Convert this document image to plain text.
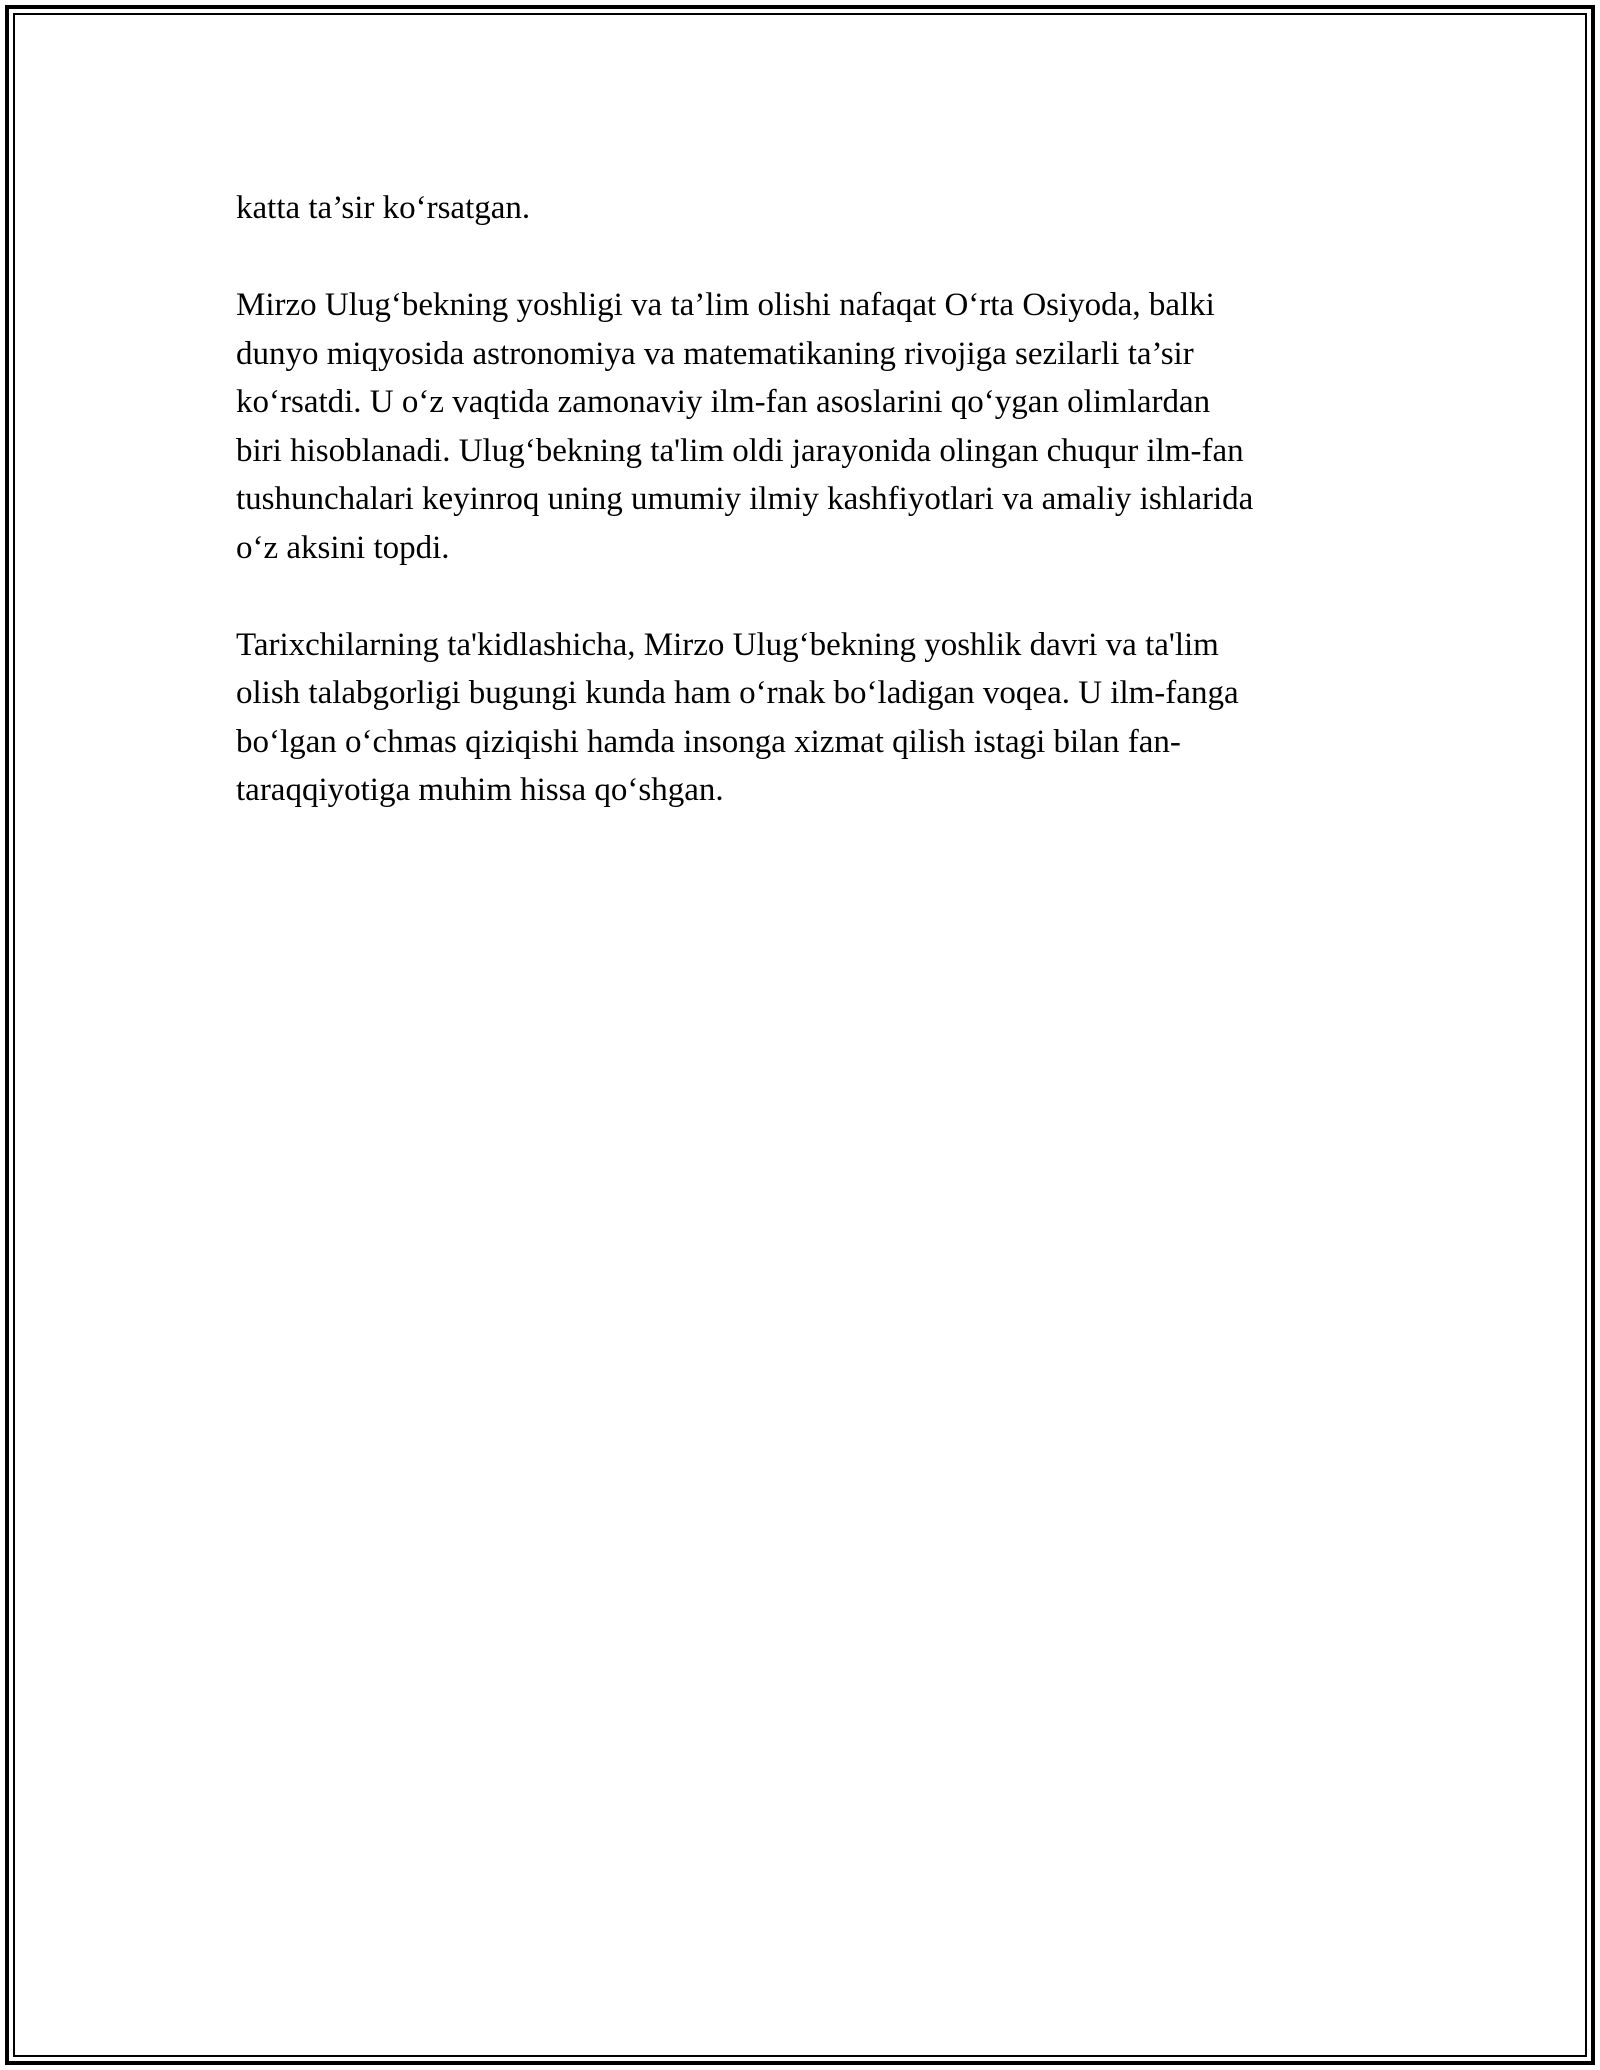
katta ta’sir ko‘rsatgan.

Mirzo Ulug‘bekning yoshligi va ta’lim olishi nafaqat O‘rta Osiyoda, balki
dunyo miqyosida astronomiya va matematikaning rivojiga sezilarli ta’sir
ko‘rsatdi. U o‘z vaqtida zamonaviy ilm-fan asoslarini qo‘ygan olimlardan
biri hisoblanadi. Ulug‘bekning ta'lim oldi jarayonida olingan chuqur ilm-fan
tushunchalari keyinroq uning umumiy ilmiy kashfiyotlari va amaliy ishlarida
o‘z aksini topdi.

Tarixchilarning ta'kidlashicha, Mirzo Ulug‘bekning yoshlik davri va ta'lim
olish talabgorligi bugungi kunda ham o‘rnak bo‘ladigan voqea. U ilm-fanga
bo‘lgan o‘chmas qiziqishi hamda insonga xizmat qilish istagi bilan fan-
taraqqiyotiga muhim hissa qo‘shgan.
